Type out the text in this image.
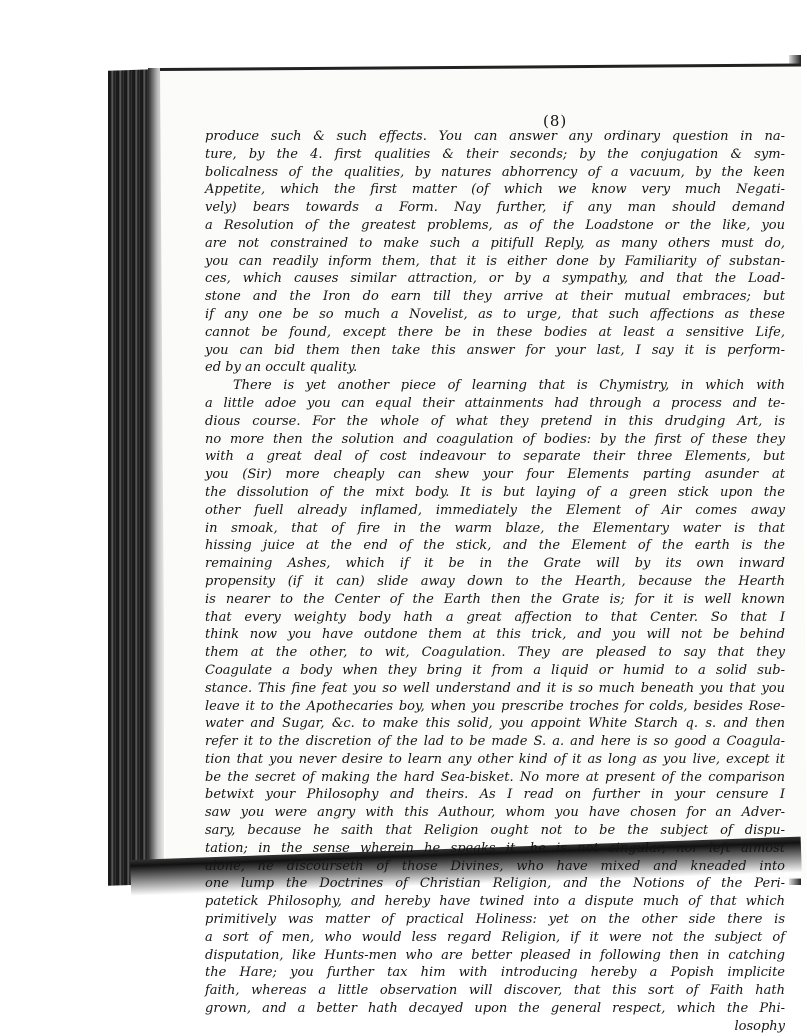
(8)
produce such & such effects. You can answer any ordinary question in na-
ture, by the 4. first qualities & their seconds; by the conjugation & sym-
bolicalness of the qualities, by natures abhorrency of a vacuum, by the keen
Appetite, which the first matter (of which we know very much Negati-
vely) bears towards a Form. Nay further, if any man should demand
a Resolution of the greatest problems, as of the Loadstone or the like, you
are not constrained to make such a pitifull Reply, as many others must do,
you can readily inform them, that it is either done by Familiarity of substan-
ces, which causes similar attraction, or by a sympathy, and that the Load-
stone and the Iron do earn till they arrive at their mutual embraces; but
if any one be so much a Novelist, as to urge, that such affections as these
cannot be found, except there be in these bodies at least a sensitive Life,
you can bid them then take this answer for your last, I say it is perform-
ed by an occult quality.
There is yet another piece of learning that is Chymistry, in which with
a little adoe you can equal their attainments had through a process and te-
dious course. For the whole of what they pretend in this drudging Art, is
no more then the solution and coagulation of bodies: by the first of these they
with a great deal of cost indeavour to separate their three Elements, but
you (Sir) more cheaply can shew your four Elements parting asunder at
the dissolution of the mixt body. It is but laying of a green stick upon the
other fuell already inflamed, immediately the Element of Air comes away
in smoak, that of fire in the warm blaze, the Elementary water is that
hissing juice at the end of the stick, and the Element of the earth is the
remaining Ashes, which if it be in the Grate will by its own inward
propensity (if it can) slide away down to the Hearth, because the Hearth
is nearer to the Center of the Earth then the Grate is; for it is well known
that every weighty body hath a great affection to that Center. So that I
think now you have outdone them at this trick, and you will not be behind
them at the other, to wit, Coagulation. They are pleased to say that they
Coagulate a body when they bring it from a liquid or humid to a solid sub-
stance. This fine feat you so well understand and it is so much beneath you that you
leave it to the Apothecaries boy, when you prescribe troches for colds, besides Rose-
water and Sugar, &c. to make this solid, you appoint White Starch q. s. and then
refer it to the discretion of the lad to be made S. a. and here is so good a Coagula-
tion that you never desire to learn any other kind of it as long as you live, except it
be the secret of making the hard Sea-bisket. No more at present of the comparison
betwixt your Philosophy and theirs. As I read on further in your censure I
saw you were angry with this Authour, whom you have chosen for an Adver-
sary, because he saith that Religion ought not to be the subject of dispu-
tation; in the sense wherein he speaks it, he is not singular, nor left almost
alone, he discourseth of those Divines, who have mixed and kneaded into
one lump the Doctrines of Christian Religion, and the Notions of the Peri-
patetick Philosophy, and hereby have twined into a dispute much of that which
primitively was matter of practical Holiness: yet on the other side there is
a sort of men, who would less regard Religion, if it were not the subject of
disputation, like Hunts-men who are better pleased in following then in catching
the Hare; you further tax him with introducing hereby a Popish implicite
faith, whereas a little observation will discover, that this sort of Faith hath
grown, and a better hath decayed upon the general respect, which the Phi-
losophy
